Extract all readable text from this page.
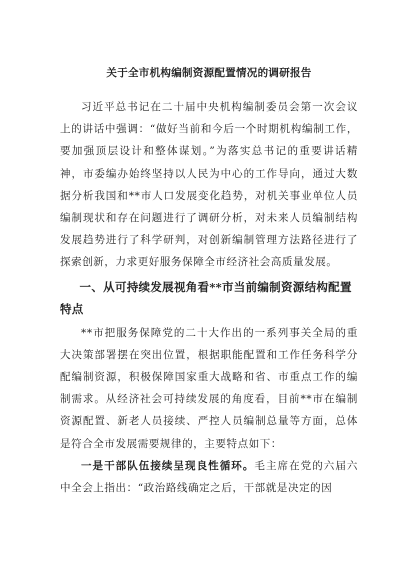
关于全市机构编制资源配置情况的调研报告

习近平总书记在二十届中央机构编制委员会第一次会议上的讲话中强调：“做好当前和今后一个时期机构编制工作，要加强顶层设计和整体谋划。”为落实总书记的重要讲话精神，市委编办始终坚持以人民为中心的工作导向，通过大数据分析我国和**市人口发展变化趋势，对机关事业单位人员编制现状和存在问题进行了调研分析，对未来人员编制结构发展趋势进行了科学研判，对创新编制管理方法路径进行了探索创新，力求更好服务保障全市经济社会高质量发展。

一、从可持续发展视角看**市当前编制资源结构配置特点

**市把服务保障党的二十大作出的一系列事关全局的重大决策部署摆在突出位置，根据职能配置和工作任务科学分配编制资源，积极保障国家重大战略和省、市重点工作的编制需求。从经济社会可持续发展的角度看，目前**市在编制资源配置、新老人员接续、严控人员编制总量等方面，总体是符合全市发展需要规律的，主要特点如下：

一是干部队伍接续呈现良性循环。毛主席在党的六届六中全会上指出：“政治路线确定之后，干部就是决定的因
